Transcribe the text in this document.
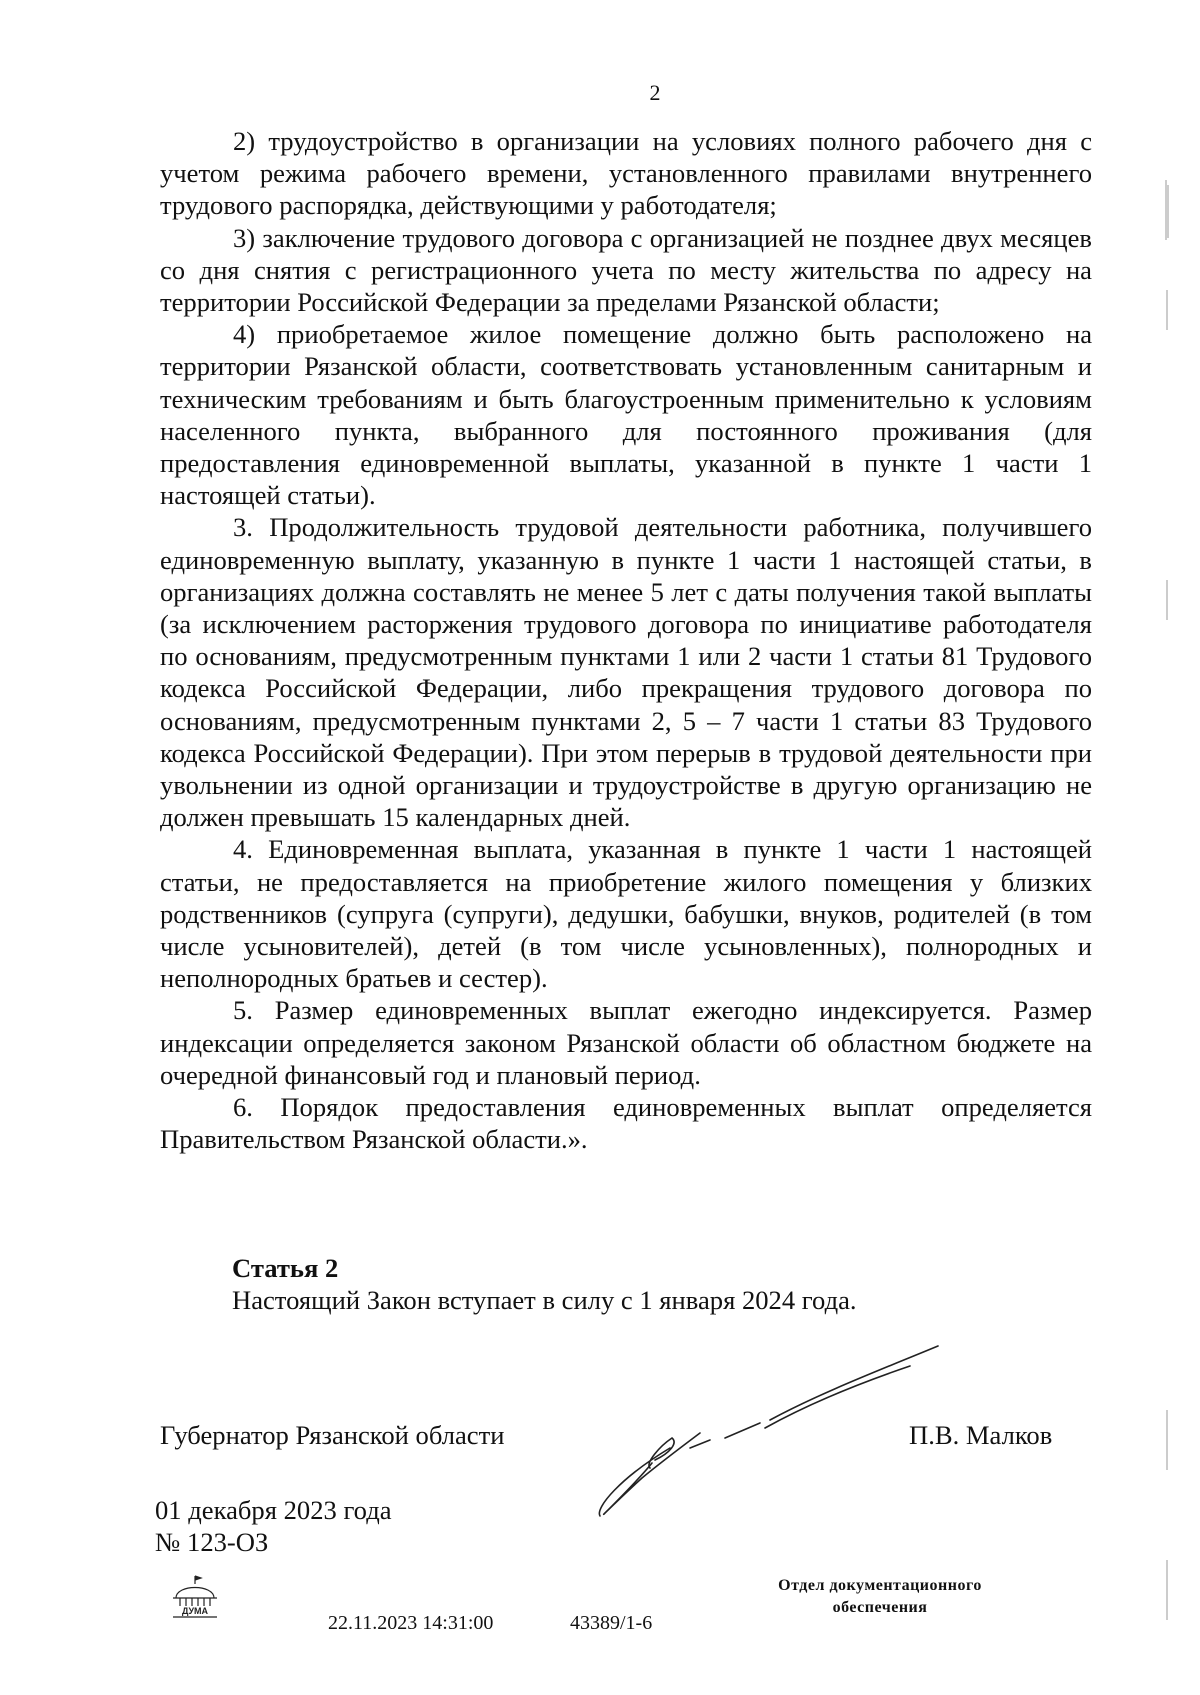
2

2) трудоустройство в организации на условиях полного рабочего дня с учетом режима рабочего времени, установленного правилами внутреннего трудового распорядка, действующими у работодателя;

3) заключение трудового договора с организацией не позднее двух месяцев со дня снятия с регистрационного учета по месту жительства по адресу на территории Российской Федерации за пределами Рязанской области;

4) приобретаемое жилое помещение должно быть расположено на территории Рязанской области, соответствовать установленным санитарным и техническим требованиям и быть благоустроенным применительно к условиям населенного пункта, выбранного для постоянного проживания (для предоставления единовременной выплаты, указанной в пункте 1 части 1 настоящей статьи).

3. Продолжительность трудовой деятельности работника, получившего единовременную выплату, указанную в пункте 1 части 1 настоящей статьи, в организациях должна составлять не менее 5 лет с даты получения такой выплаты (за исключением расторжения трудового договора по инициативе работодателя по основаниям, предусмотренным пунктами 1 или 2 части 1 статьи 81 Трудового кодекса Российской Федерации, либо прекращения трудового договора по основаниям, предусмотренным пунктами 2, 5 – 7 части 1 статьи 83 Трудового кодекса Российской Федерации). При этом перерыв в трудовой деятельности при увольнении из одной организации и трудоустройстве в другую организацию не должен превышать 15 календарных дней.

4. Единовременная выплата, указанная в пункте 1 части 1 настоящей статьи, не предоставляется на приобретение жилого помещения у близких родственников (супруга (супруги), дедушки, бабушки, внуков, родителей (в том числе усыновителей), детей (в том числе усыновленных), полнородных и неполнородных братьев и сестер).

5. Размер единовременных выплат ежегодно индексируется. Размер индексации определяется законом Рязанской области об областном бюджете на очередной финансовый год и плановый период.

6. Порядок предоставления единовременных выплат определяется Правительством Рязанской области.».

Статья 2
Настоящий Закон вступает в силу с 1 января 2024 года.
Губернатор Рязанской области	П.В. Малков
01 декабря 2023 года
№ 123-ОЗ
ДУМА
22.11.2023 14:31:00	43389/1-6
Отдел документационного
обеспечения
